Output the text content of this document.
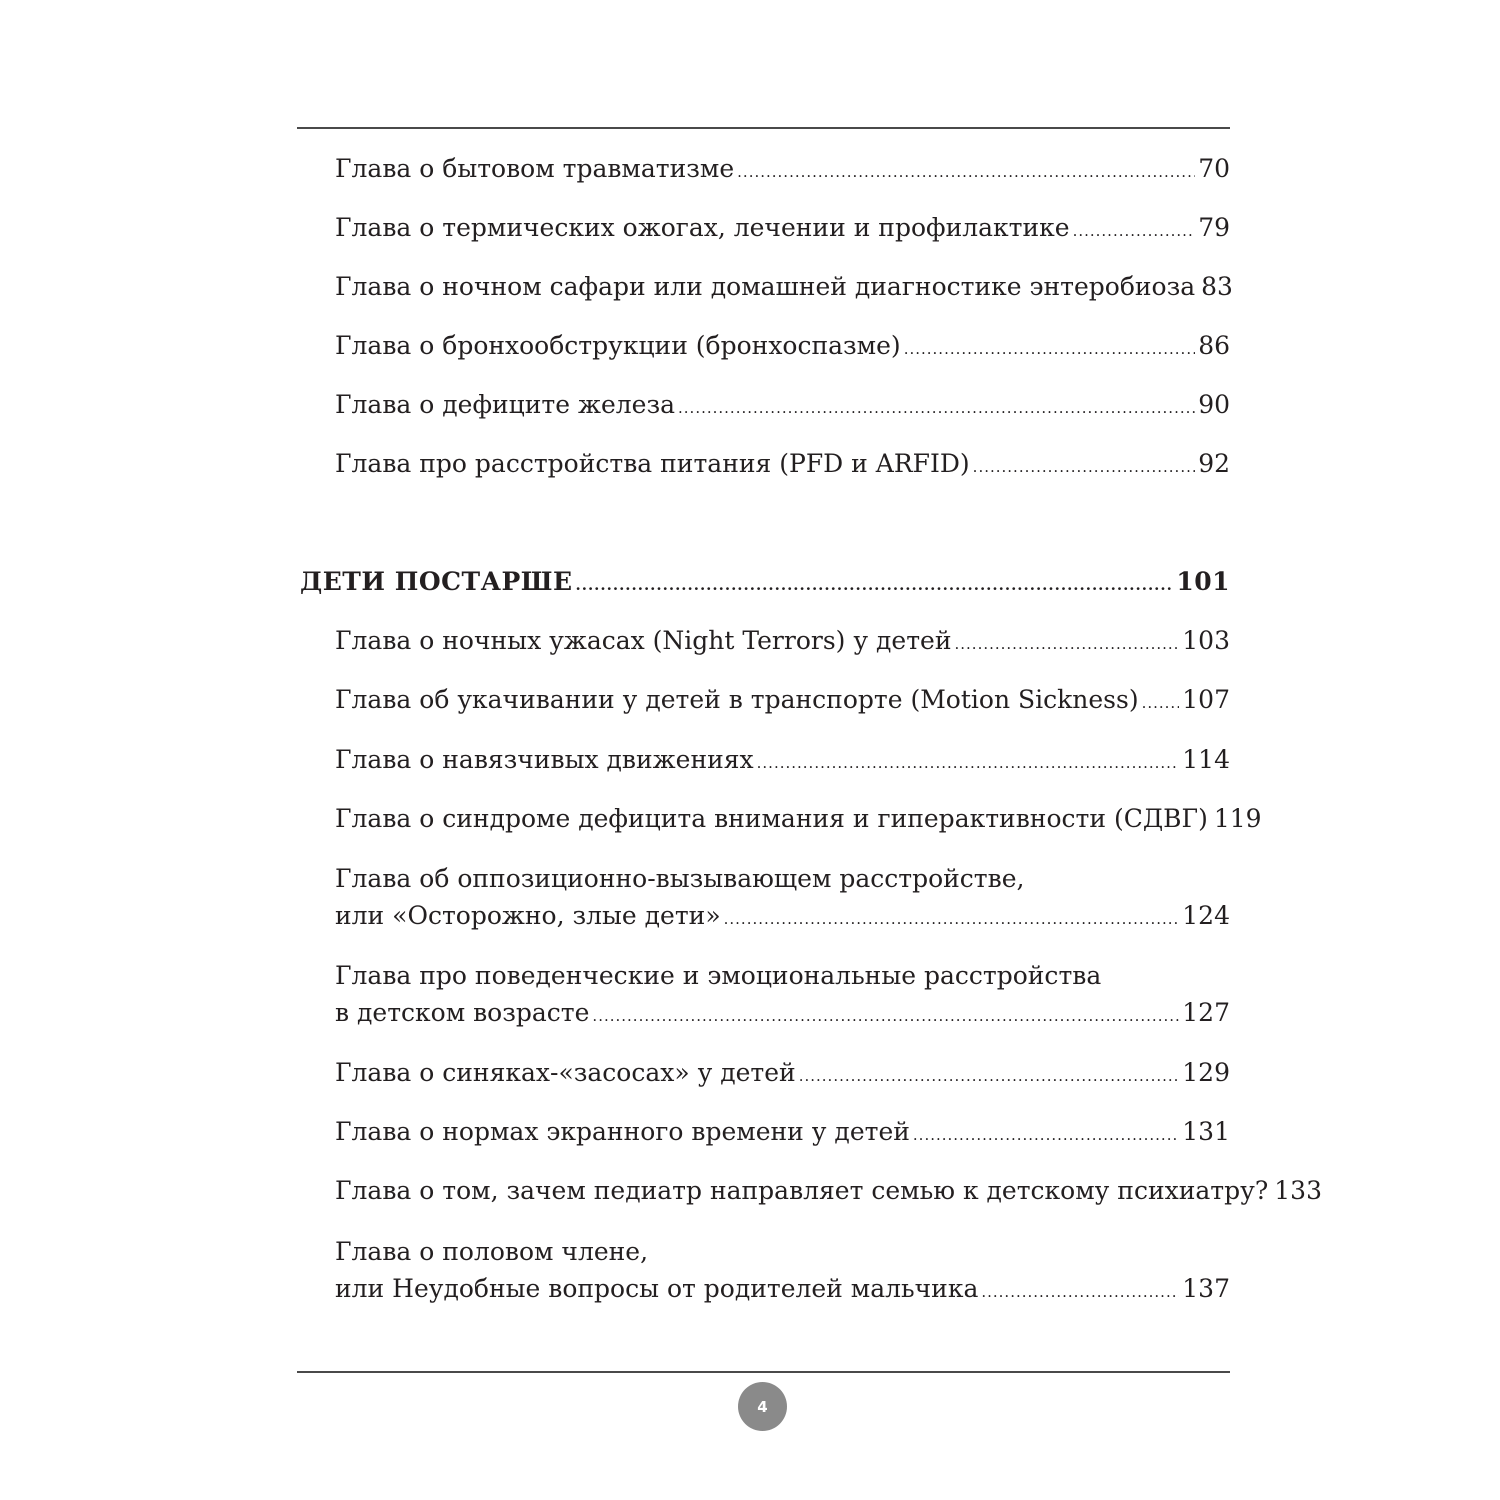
Глава о бытовом травматизме .....	70
Глава о термических ожогах, лечении и профилактике .....	79
Глава о ночном сафари или домашней диагностике энтеробиоза 83
Глава о бронхообструкции (бронхоспазме) .....	86
Глава о дефиците железа .....	90
Глава про расстройства питания (PFD и ARFID) .....	92
ДЕТИ ПОСТАРШЕ .....	101
Глава о ночных ужасах (Night Terrors) у детей .....	103
Глава об укачивании у детей в транспорте (Motion Sickness) ..... 107
Глава о навязчивых движениях .....	114
Глава о синдроме дефицита внимания и гиперактивности (СДВГ) 119
Глава об оппозиционно-вызывающем расстройстве,
или «Осторожно, злые дети» .....	124
Глава про поведенческие и эмоциональные расстройства
в детском возрасте .....	127
Глава о синяках-«засосах» у детей .....	129
Глава о нормах экранного времени у детей .....	131
Глава о том, зачем педиатр направляет семью к детскому психиатру? 133
Глава о половом члене,
или Неудобные вопросы от родителей мальчика .....	137
4
